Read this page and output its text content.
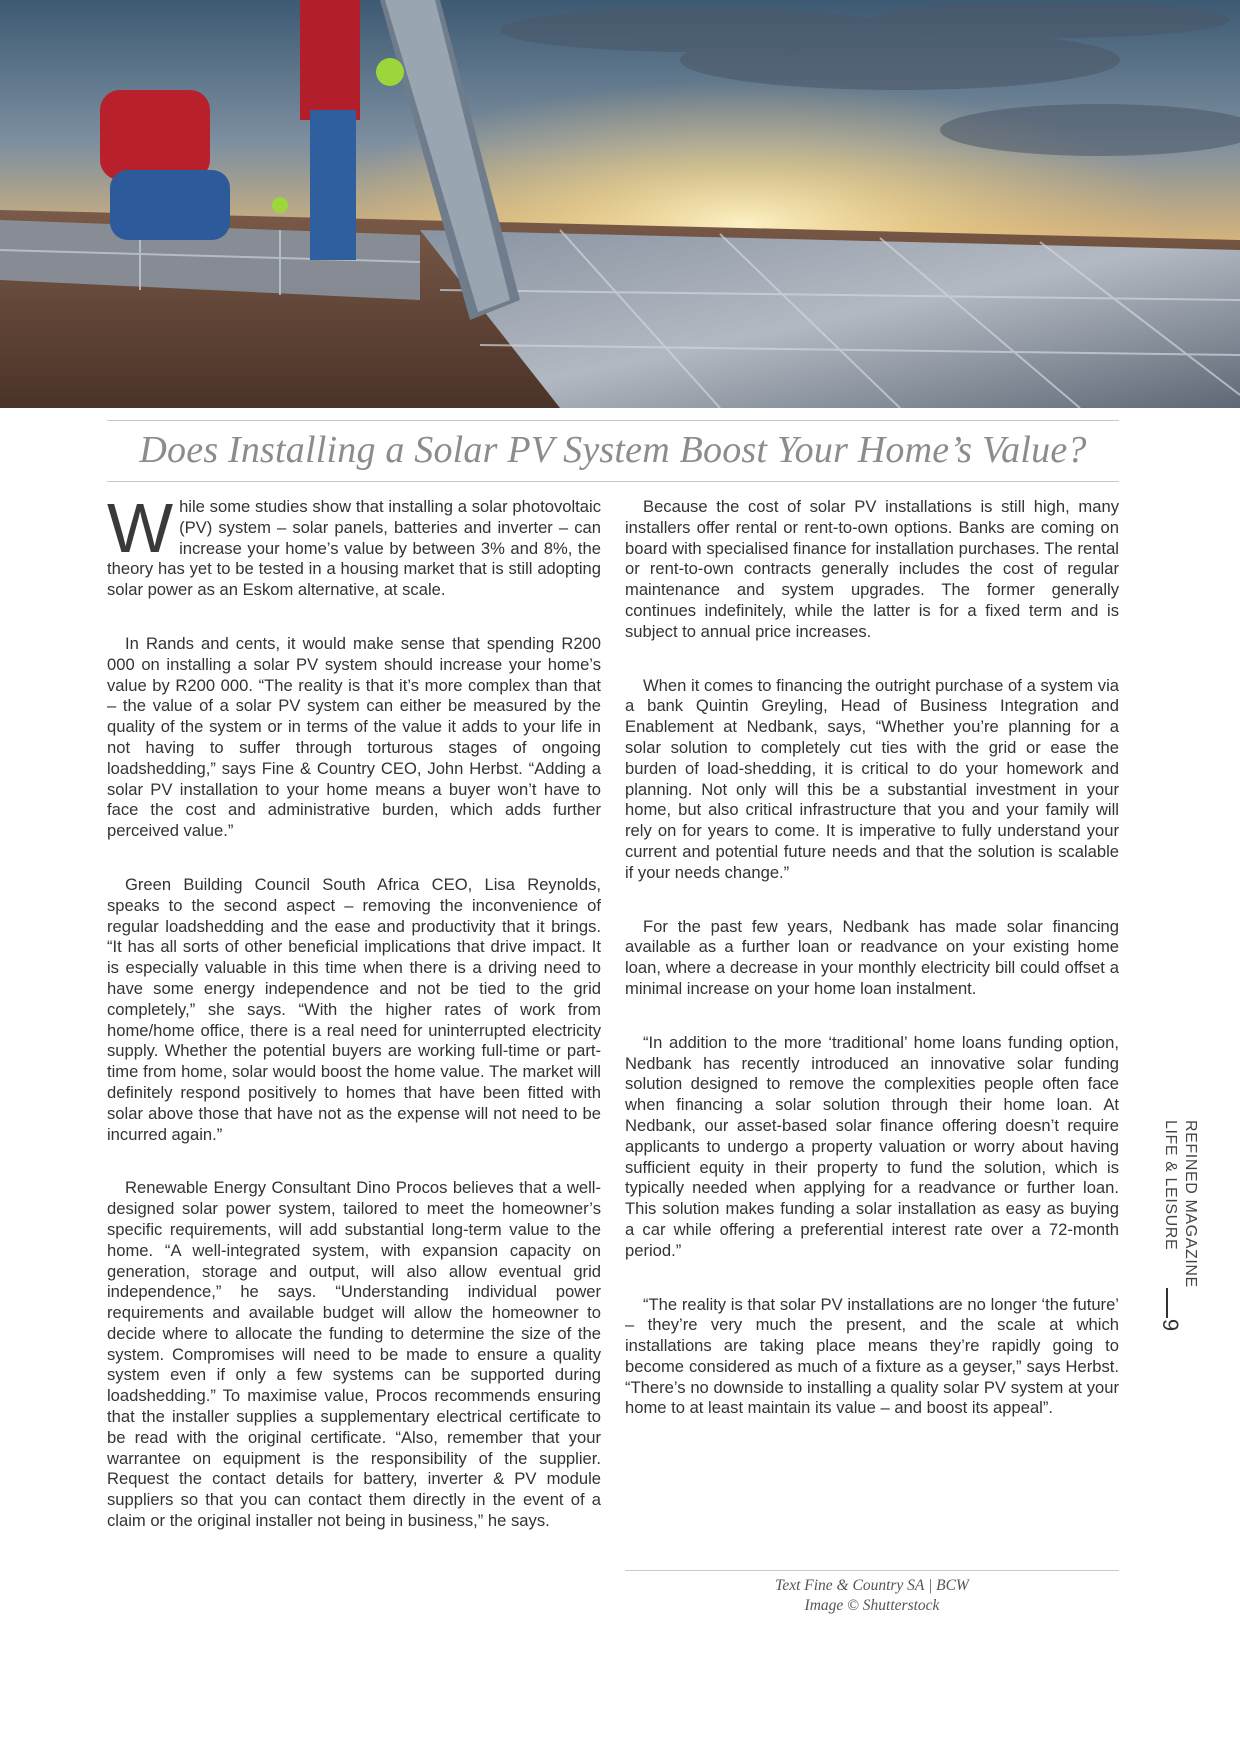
Does Installing a Solar PV System Boost Your Home’s Value?

While some studies show that installing a solar photovoltaic (PV) system – solar panels, batteries and inverter – can increase your home’s value by between 3% and 8%, the theory has yet to be tested in a housing market that is still adopting solar power as an Eskom alternative, at scale.

In Rands and cents, it would make sense that spending R200 000 on installing a solar PV system should increase your home’s value by R200 000. “The reality is that it’s more complex than that – the value of a solar PV system can either be measured by the quality of the system or in terms of the value it adds to your life in not having to suffer through torturous stages of ongoing loadshedding,” says Fine & Country CEO, John Herbst. “Adding a solar PV installation to your home means a buyer won’t have to face the cost and administrative burden, which adds further perceived value.”

Green Building Council South Africa CEO, Lisa Reynolds, speaks to the second aspect – removing the inconvenience of regular loadshedding and the ease and productivity that it brings. “It has all sorts of other beneficial implications that drive impact. It is especially valuable in this time when there is a driving need to have some energy independence and not be tied to the grid completely,” she says. “With the higher rates of work from home/home office, there is a real need for uninterrupted electricity supply. Whether the potential buyers are working full-time or part-time from home, solar would boost the home value. The market will definitely respond positively to homes that have been fitted with solar above those that have not as the expense will not need to be incurred again.”

Renewable Energy Consultant Dino Procos believes that a well-designed solar power system, tailored to meet the homeowner’s specific requirements, will add substantial long-term value to the home. “A well-integrated system, with expansion capacity on generation, storage and output, will also allow eventual grid independence,” he says. “Understanding individual power requirements and available budget will allow the homeowner to decide where to allocate the funding to determine the size of the system. Compromises will need to be made to ensure a quality system even if only a few systems can be supported during loadshedding.” To maximise value, Procos recommends ensuring that the installer supplies a supplementary electrical certificate to be read with the original certificate. “Also, remember that your warrantee on equipment is the responsibility of the supplier. Request the contact details for battery, inverter & PV module suppliers so that you can contact them directly in the event of a claim or the original installer not being in business,” he says.

Because the cost of solar PV installations is still high, many installers offer rental or rent-to-own options. Banks are coming on board with specialised finance for installation purchases. The rental or rent-to-own contracts generally includes the cost of regular maintenance and system upgrades. The former generally continues indefinitely, while the latter is for a fixed term and is subject to annual price increases.

When it comes to financing the outright purchase of a system via a bank Quintin Greyling, Head of Business Integration and Enablement at Nedbank, says, “Whether you’re planning for a solar solution to completely cut ties with the grid or ease the burden of load-shedding, it is critical to do your homework and planning. Not only will this be a substantial investment in your home, but also critical infrastructure that you and your family will rely on for years to come. It is imperative to fully understand your current and potential future needs and that the solution is scalable if your needs change.”

For the past few years, Nedbank has made solar financing available as a further loan or readvance on your existing home loan, where a decrease in your monthly electricity bill could offset a minimal increase on your home loan instalment.

“In addition to the more ‘traditional’ home loans funding option, Nedbank has recently introduced an innovative solar funding solution designed to remove the complexities people often face when financing a solar solution through their home loan. At Nedbank, our asset-based solar finance offering doesn’t require applicants to undergo a property valuation or worry about having sufficient equity in their property to fund the solution, which is typically needed when applying for a readvance or further loan. This solution makes funding a solar installation as easy as buying a car while offering a preferential interest rate over a 72-month period.”

“The reality is that solar PV installations are no longer ‘the future’ – they’re very much the present, and the scale at which installations are taking place means they’re rapidly going to become considered as much of a fixture as a geyser,” says Herbst. “There’s no downside to installing a quality solar PV system at your home to at least maintain its value – and boost its appeal”.

Text Fine & Country SA | BCW
Image © Shutterstock
REFINED MAGAZINE
LIFE & LEISURE
9
